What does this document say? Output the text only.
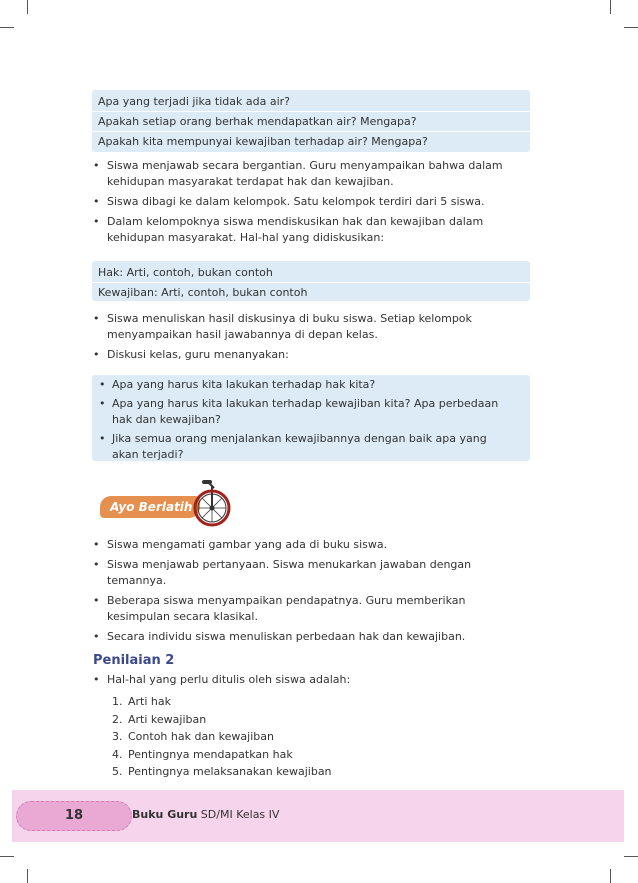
Apa yang terjadi jika tidak ada air?
Apakah setiap orang berhak mendapatkan air? Mengapa?
Apakah kita mempunyai kewajiban terhadap air? Mengapa?
• Siswa menjawab secara bergantian. Guru menyampaikan bahwa dalam kehidupan masyarakat terdapat hak dan kewajiban.
• Siswa dibagi ke dalam kelompok. Satu kelompok terdiri dari 5 siswa.
• Dalam kelompoknya siswa mendiskusikan hak dan kewajiban dalam kehidupan masyarakat. Hal-hal yang didiskusikan:
Hak: Arti, contoh, bukan contoh
Kewajiban: Arti, contoh, bukan contoh
• Siswa menuliskan hasil diskusinya di buku siswa. Setiap kelompok menyampaikan hasil jawabannya di depan kelas.
• Diskusi kelas, guru menanyakan:
• Apa yang harus kita lakukan terhadap hak kita?
• Apa yang harus kita lakukan terhadap kewajiban kita? Apa perbedaan hak dan kewajiban?
• Jika semua orang menjalankan kewajibannya dengan baik apa yang akan terjadi?
Ayo Berlatih
• Siswa mengamati gambar yang ada di buku siswa.
• Siswa menjawab pertanyaan. Siswa menukarkan jawaban dengan temannya.
• Beberapa siswa menyampaikan pendapatnya. Guru memberikan kesimpulan secara klasikal.
• Secara individu siswa menuliskan perbedaan hak dan kewajiban.
Penilaian 2
• Hal-hal yang perlu ditulis oleh siswa adalah:
1. Arti hak
2. Arti kewajiban
3. Contoh hak dan kewajiban
4. Pentingnya mendapatkan hak
5. Pentingnya melaksanakan kewajiban
18	Buku Guru SD/MI Kelas IV
